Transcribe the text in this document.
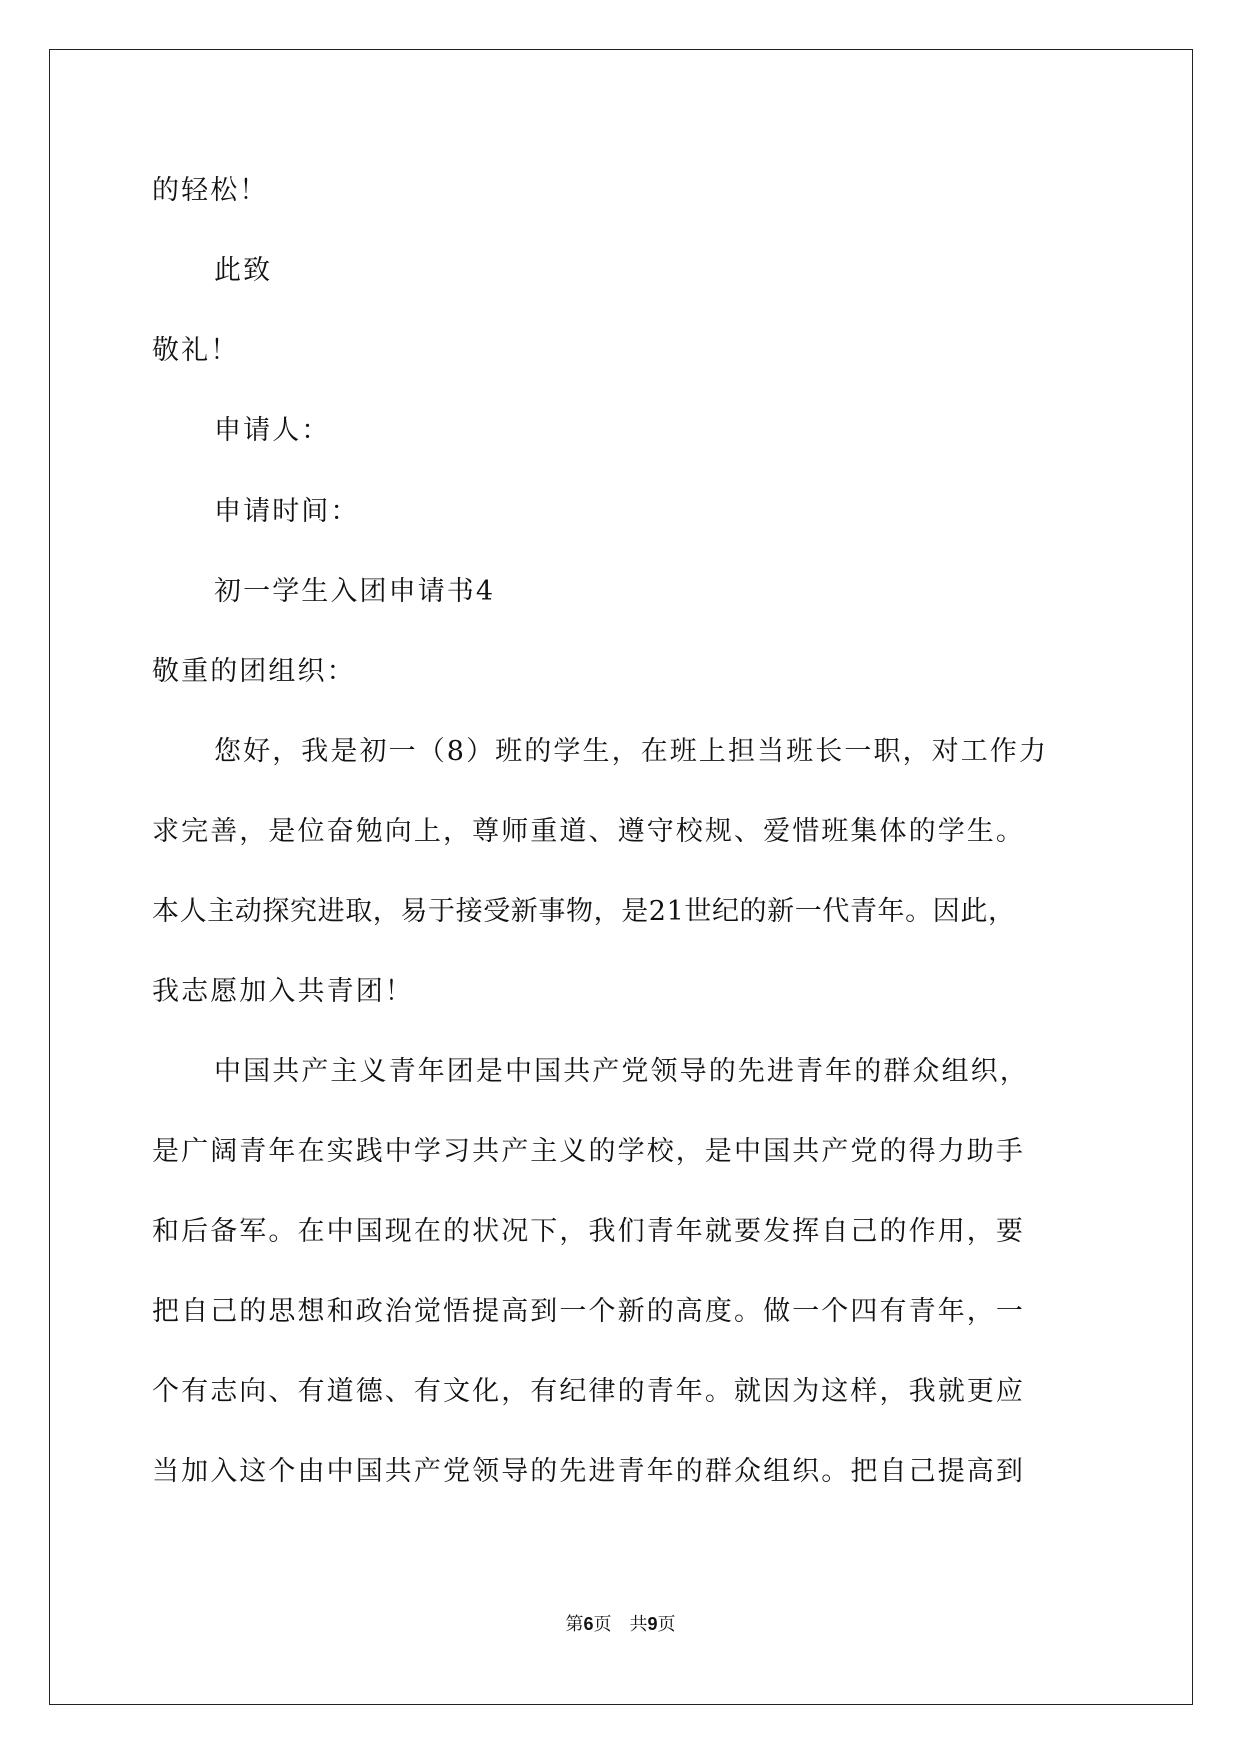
的轻松！
此致
敬礼！
申请人：
申请时间：
初一学生入团申请书4
敬重的团组织：
您好，我是初一（8）班的学生，在班上担当班长一职，对工作力
求完善，是位奋勉向上，尊师重道、遵守校规、爱惜班集体的学生。
本人主动探究进取，易于接受新事物，是21世纪的新一代青年。因此，
我志愿加入共青团！
中国共产主义青年团是中国共产党领导的先进青年的群众组织，
是广阔青年在实践中学习共产主义的学校，是中国共产党的得力助手
和后备军。在中国现在的状况下，我们青年就要发挥自己的作用，要
把自己的思想和政治觉悟提高到一个新的高度。做一个四有青年，一
个有志向、有道德、有文化，有纪律的青年。就因为这样，我就更应
当加入这个由中国共产党领导的先进青年的群众组织。把自己提高到
第6页　共9页
